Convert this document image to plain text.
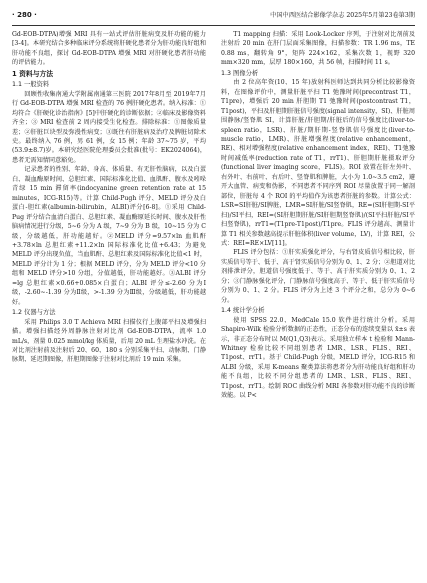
· 280 ·	中国中西医结合影像学杂志 2025年5月第23卷第3期

Gd-EOB-DTPA)增强 MRI 具有一站式评估肝脏病变及肝功能的能力[3-4]。本研究结合多种临床评分系统将肝硬化患者分为肝功能良好组和肝功能不良组，探讨 Gd-EOB-DTPA 增强 MRI 对肝硬化患者肝功能的评估能力。

1 资料与方法
1.1 一般资料

回顾性收集南通大学附属南通第三医院 2017年8月至 2019年7月行 Gd-EOB-DTPA 增强 MRI 检查的 76 例肝硬化患者。纳入标准：①均符合《肝硬化诊治指南》[5]中肝硬化的诊断依据；②临床及影像资料齐全；③ MRI 检查前 2 周内接受生化检查。排除标准：①图像质量差；②肝脏巨块型及弥漫性病变；③既往有肝脏病及治疗及脾脏切除术史。最终纳入 76 例，男 61 例，女 15 例；年龄 37~75 岁，平均(53.9±8.7)岁。本研究经医院伦理委员会批准(批号：EK2024064)，患者无需知情同意豁免。

记录患者的性别、年龄、身高、体质量、有无肝性脑病，以及白蛋白、凝血酶原时间、总胆红素、国际标准化比值、血肌酐、腹水及吲哚青绿 15 min 滞留率(indocyanine green retention rate at 15 minutes，ICG-R15)等。计算 Child-Pugh 评分、MELD 评分及白蛋白-胆红素(albumin-bilirubin，ALBI)评分[6-8]。①采用 Child-Pug 评分结合血清白蛋白、总胆红素、凝血酶原延长时间、腹水及肝性脑病情况进行分级，5~6 分为 A 级，7~9 分为 B 级，10~15 分为 C 级，分级越低，肝功能越好。②MELD 评分=9.57×ln 血肌酐+3.78×ln 总胆红素+11.2×ln 国际标准化比值+6.43；为避免 MELD 评分出现负值，当血肌酐、总胆红素及国际标准化比值<1 时，MELD 评分计为 1 分；根据 MELD 评分，分为 MELD 评分<10 分组和 MELD 评分>10 分组，分值越低，肝功能越好。③ALBI 评分=lg 总胆红素×0.66+0.085×白蛋白；ALBI 评分≤-2.60 分为Ⅰ级，-2.60~-1.39 分为Ⅱ级，>-1.39 分为Ⅲ级，分级越低，肝功能越好。

1.2 仪器与方法

采用 Philips 3.0 T Achieva MRI 扫描仪行上腹部平扫及增强扫描。增强扫描经外周静脉注射对比剂 Gd-EOB-DTPA，流率 1.0 mL/s，剂量 0.025 mmol/kg 体质量，后用 20 mL 生理盐水冲洗。在对比剂注射前及注射后 20、60、180 s 分别采集平扫、动脉期、门静脉期、延迟期图像，肝胆期图像于注射对比剂后 19 min 采集。

T1 mapping 扫描：采用 Look-Locker 序列，于注射对比剂前及注射后 20 min 在肝门层面采集图像，扫描参数：TR 1.96 ms，TE 0.88 ms，翻转角 9°，矩阵 224×162，采集次数 1，视野 320 mm×320 mm，层厚 180×160，共 56 帧，扫描时间 11 s。

1.3 图像分析

由 2 位高年资(10、15 年)放射科医师达到共同分析比较影像资料，在图像评价中，测量肝脏平扫 T1 弛豫时间(precontrast T1，T1pre)，增强后 20 min 肝胆期 T1 弛豫时间(postcontrast T1，T1post)，平扫及肝胆期肝脏信号强度(signal intensity，SI)、肝脏周围静脉/竖脊肌 SI，计算肝脏/肝胆期/肝脏后的信号强度比(liver-to-spleen ratio，LSR)、肝脏/期肝期-竖脊肌信号强度比(liver-to-muscle ratio，LMR)、肝脏增强程度(relative enhancement，RE)、相对增强程度(relative enhancement index，REI)、T1弛豫时间减低率(reduction rate of T1，rrT1)、肝胆期肝脏摄取评分(functional liver imaging score，FLIS)。ROI 放置在肝左外叶、右外叶、右前叶、右后叶、竖脊肌和脾脏，大小为 1.0~3.5 cm2，避开大血管、病变和伪影，不同患者不同序列 ROI 尽量放置于同一解剖部位，肝脏每 4 个 ROI 的平均值作为该患者肝脏的参数。计算公式：LSR=SI肝脏/SI脾脏，LMR=SI肝脏/SI竖脊肌，RE=(SI肝胆期-SI平扫)/SI平扫，REI=(SI肝胆期肝脏/SI肝胆期竖脊肌)/(SI平扫肝脏/SI平扫竖脊肌)，rrT1=(T1pre-T1post)/T1pre。FLIS 评分越高、测量计算 T1 相关参数越高提示肝脏体积(liver volume，LV)，计算 REI，公式：REI=RE×LV[11]。

FLIS 评分包括：①肝实质强化评分，与右肾皮质信号相比较，肝实质信号等于、低于、高于肾实质信号分别为 0、1、2 分；②胆道对比剂排泄评分，胆道信号强度低于、等于、高于肝实质分别为 0、1、2 分；③门静脉强化评分，门静脉信号强度高于、等于、低于肝实质信号分别为 0、1、2 分。FLIS 评分为上述 3 个评分之和，总分为 0~6 分。

1.4 统计学分析

使用 SPSS 22.0、MedCale 15.0 软件进行统计分析。采用 Shapiro-Wilk 检验分析数据的正态性，正态分布的连续变量以 x̄±s 表示，非正态分布时以 M(Q1,Q3)表示。采用独立样本 t 检验和 Mann-Whitney 检验比较不同组别患者 LMR、LSR、FLIS、REI、T1post、rrT1。基于 Child-Pugh 分级，MELD 评分，ICG-R15 和 ALBI 分级，采用 K-means 聚类算法将患者分为肝功能良好组和肝功能不良组，比较不同分组患者的 LMR、LSR、FLIS、REI、T1post、rrT1。绘制 ROC 曲线分析 MRI 各参数对肝功能不良的诊断效能。以 P<
